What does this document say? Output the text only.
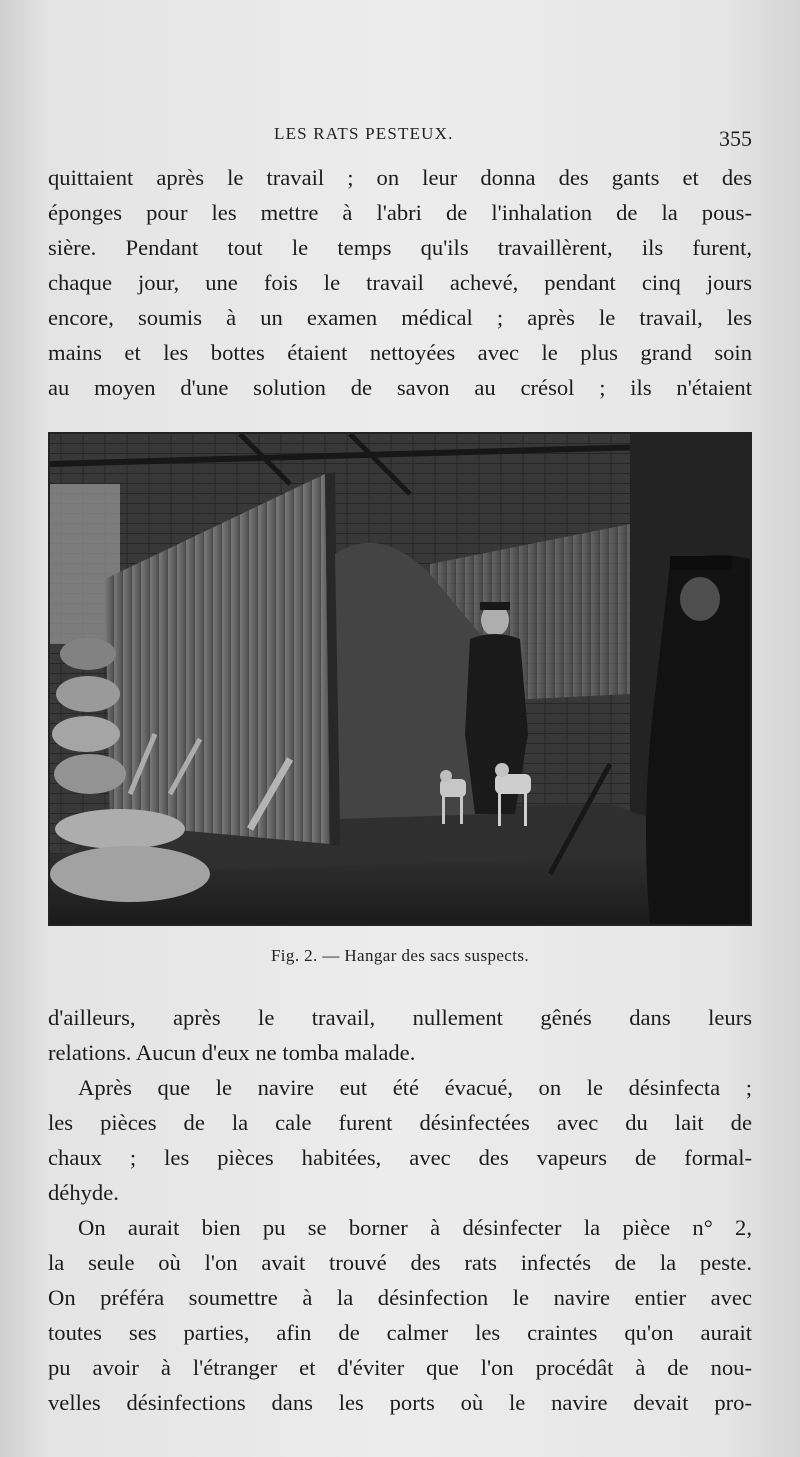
LES RATS PESTEUX.	355
quittaient après le travail ; on leur donna des gants et des
éponges pour les mettre à l'abri de l'inhalation de la pous-
sière. Pendant tout le temps qu'ils travaillèrent, ils furent,
chaque jour, une fois le travail achevé, pendant cinq jours
encore, soumis à un examen médical ; après le travail, les
mains et les bottes étaient nettoyées avec le plus grand soin
au moyen d'une solution de savon au crésol ; ils n'étaient
Fig. 2. — Hangar des sacs suspects.
d'ailleurs, après le travail, nullement gênés dans leurs
relations. Aucun d'eux ne tomba malade.
Après que le navire eut été évacué, on le désinfecta ;
les pièces de la cale furent désinfectées avec du lait de
chaux ; les pièces habitées, avec des vapeurs de formal-
déhyde.
On aurait bien pu se borner à désinfecter la pièce n° 2,
la seule où l'on avait trouvé des rats infectés de la peste.
On préféra soumettre à la désinfection le navire entier avec
toutes ses parties, afin de calmer les craintes qu'on aurait
pu avoir à l'étranger et d'éviter que l'on procédât à de nou-
velles désinfections dans les ports où le navire devait pro-
